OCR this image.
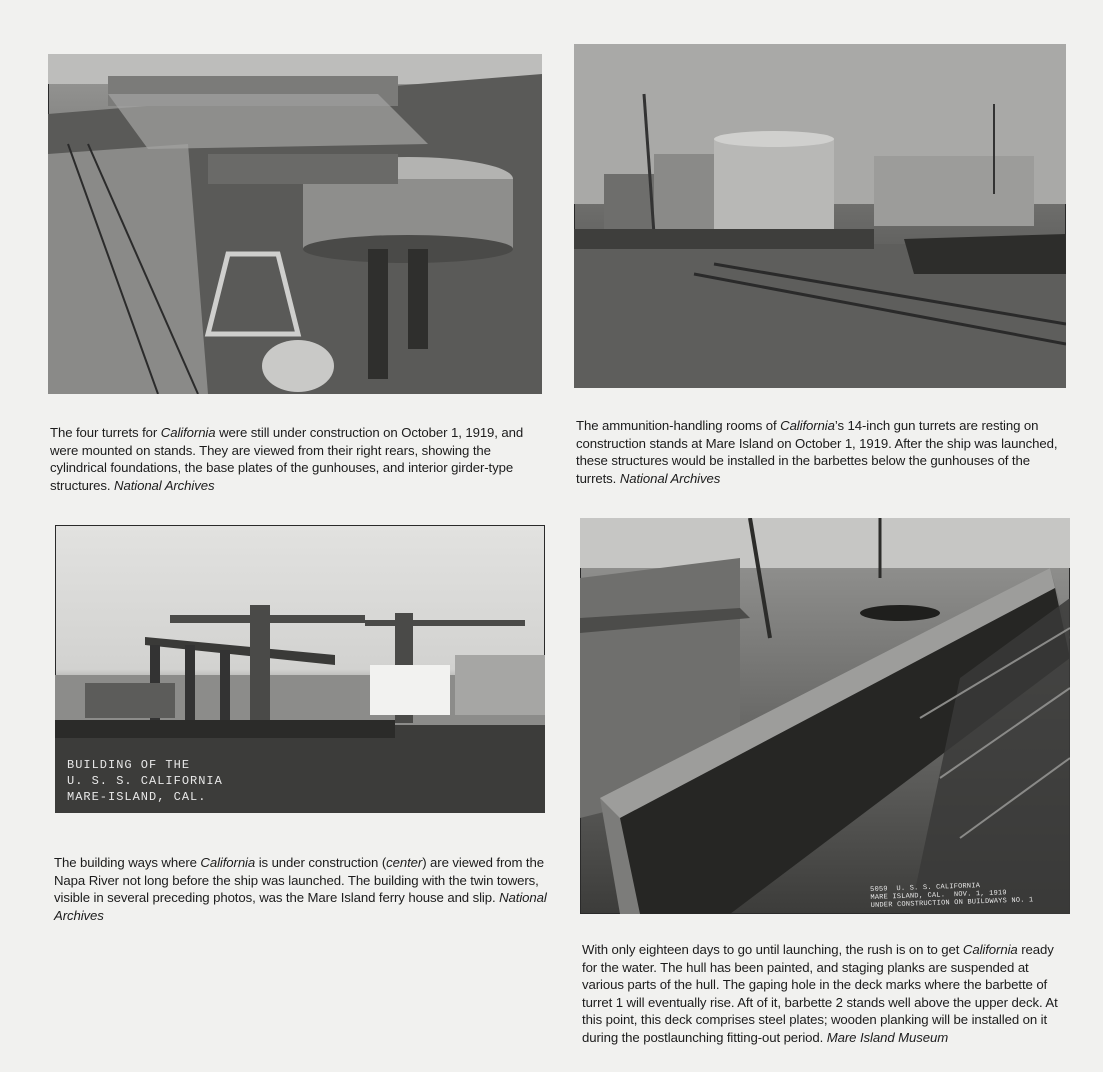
The four turrets for California were still under construction on October 1, 1919, and were mounted on stands. They are viewed from their right rears, showing the cylindrical foundations, the base plates of the gunhouses, and interior girder-type structures. National Archives
The ammunition-handling rooms of California’s 14-inch gun turrets are resting on construction stands at Mare Island on October 1, 1919. After the ship was launched, these structures would be installed in the barbettes below the gunhouses of the turrets. National Archives
BUILDING OF THE
U. S. S. CALIFORNIA
MARE-ISLAND, CAL.
5059  U. S. S. CALIFORNIA
MARE ISLAND, CAL.  NOV. 1, 1919
UNDER CONSTRUCTION ON BUILDWAYS NO. 1
The building ways where California is under construction (center) are viewed from the Napa River not long before the ship was launched. The building with the twin towers, visible in several preceding photos, was the Mare Island ferry house and slip. National Archives
With only eighteen days to go until launching, the rush is on to get California ready for the water. The hull has been painted, and staging planks are suspended at various parts of the hull. The gaping hole in the deck marks where the barbette of turret 1 will eventually rise. Aft of it, barbette 2 stands well above the upper deck. At this point, this deck comprises steel plates; wooden planking will be installed on it during the postlaunching fitting-out period. Mare Island Museum
